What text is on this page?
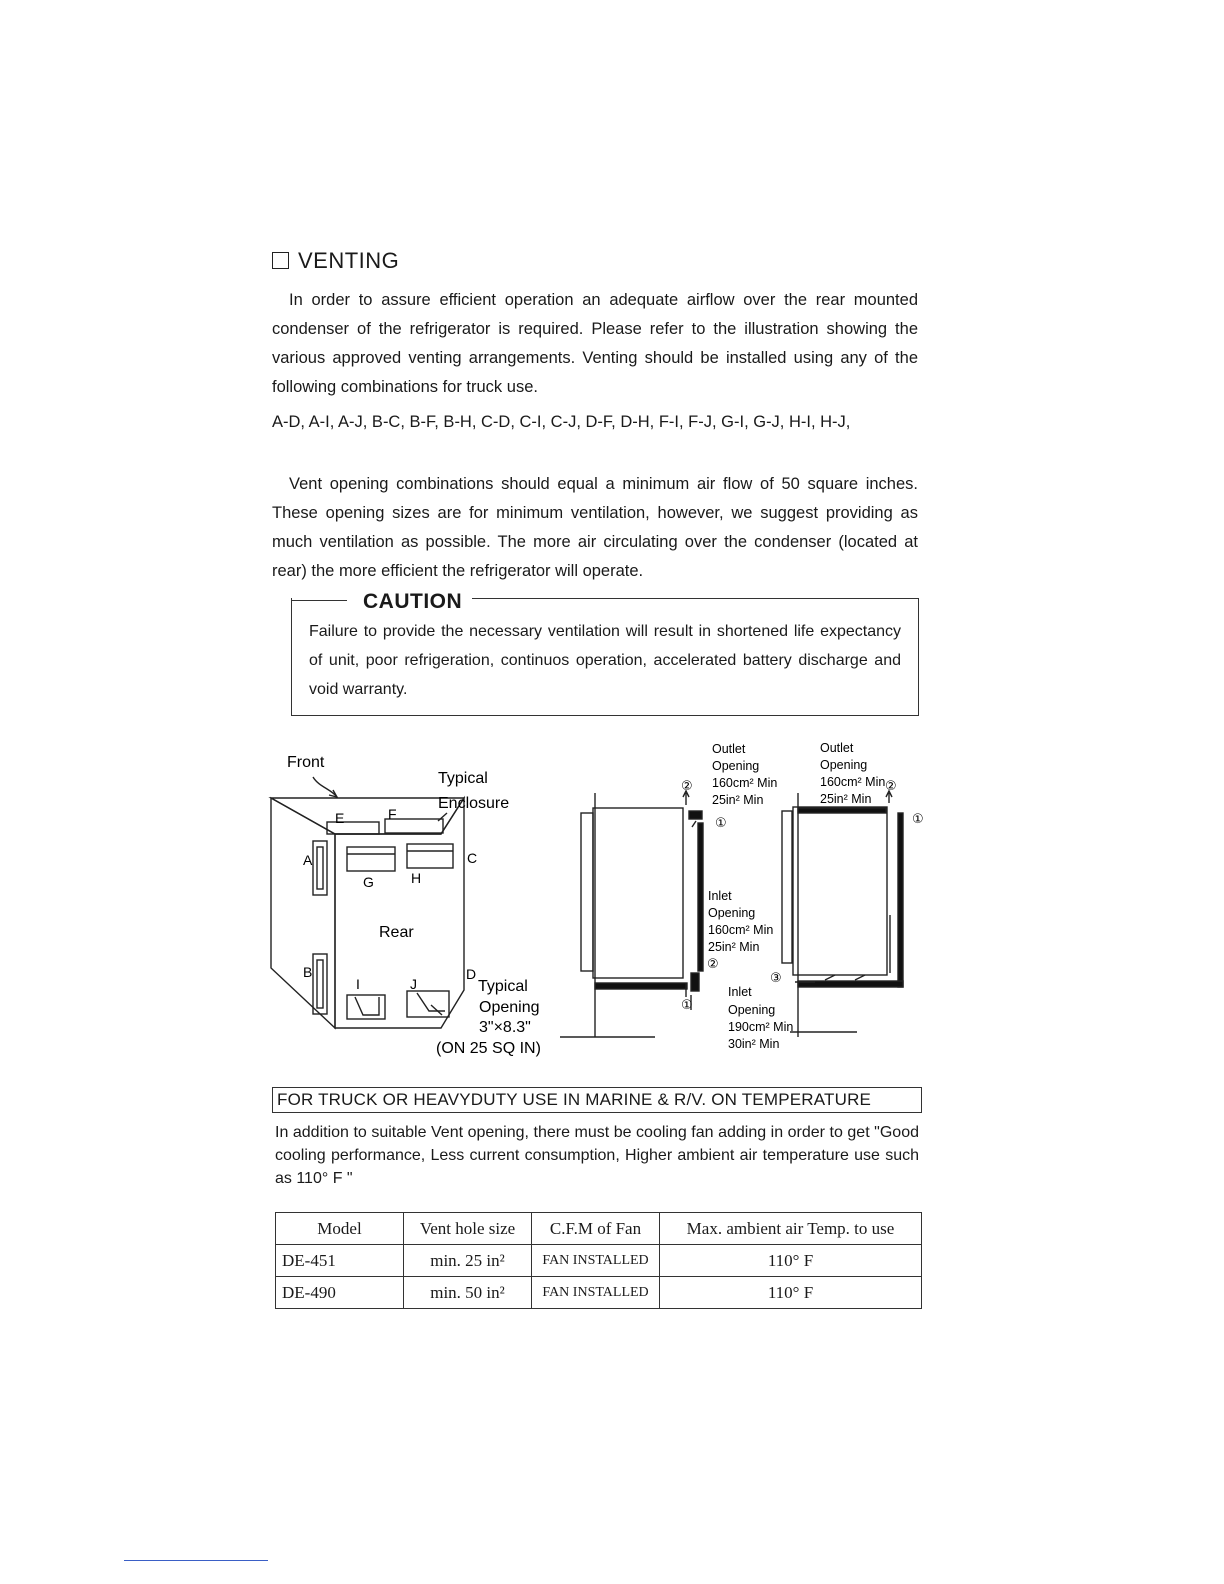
VENTING
In order to assure efficient operation an adequate airflow over the rear mounted condenser of the refrigerator is required. Please refer to the illustration showing the various approved venting arrangements. Venting should be installed using any of the following combinations for truck use.
A-D, A-I, A-J, B-C, B-F, B-H, C-D, C-I, C-J, D-F, D-H, F-I, F-J, G-I, G-J, H-I, H-J,
Vent opening combinations should equal a minimum air flow of 50 square inches. These opening sizes are for minimum ventilation, however, we suggest providing as much ventilation as possible. The more air circulating over the condenser (located at rear) the more efficient the refrigerator will operate.
CAUTION
Failure to provide the necessary ventilation will result in shortened life expectancy of unit, poor refrigeration, continuos operation, accelerated battery discharge and void warranty.
Front
Typical
Enclosure
Rear
A
B
C
D
E	F
G	H
I	J	Typical
Opening
3"×8.3"
(ON 25 SQ IN)
②
①
②
①
Outlet
Opening
160cm² Min
25in² Min
Inlet
Opening
160cm² Min
25in² Min
②
①
③
Outlet
Opening
160cm² Min
25in² Min
Inlet
Opening
190cm² Min
30in² Min
FOR TRUCK OR HEAVYDUTY USE IN MARINE & R/V. ON TEMPERATURE
In addition to suitable Vent opening, there must be cooling fan adding in order to get "Good cooling performance, Less current consumption, Higher ambient air temperature use such as 110° F "
Model	Vent hole size	C.F.M of Fan	Max. ambient air Temp. to use
DE-451	min. 25 in²	FAN INSTALLED	110° F
DE-490	min. 50 in²	FAN INSTALLED	110° F
